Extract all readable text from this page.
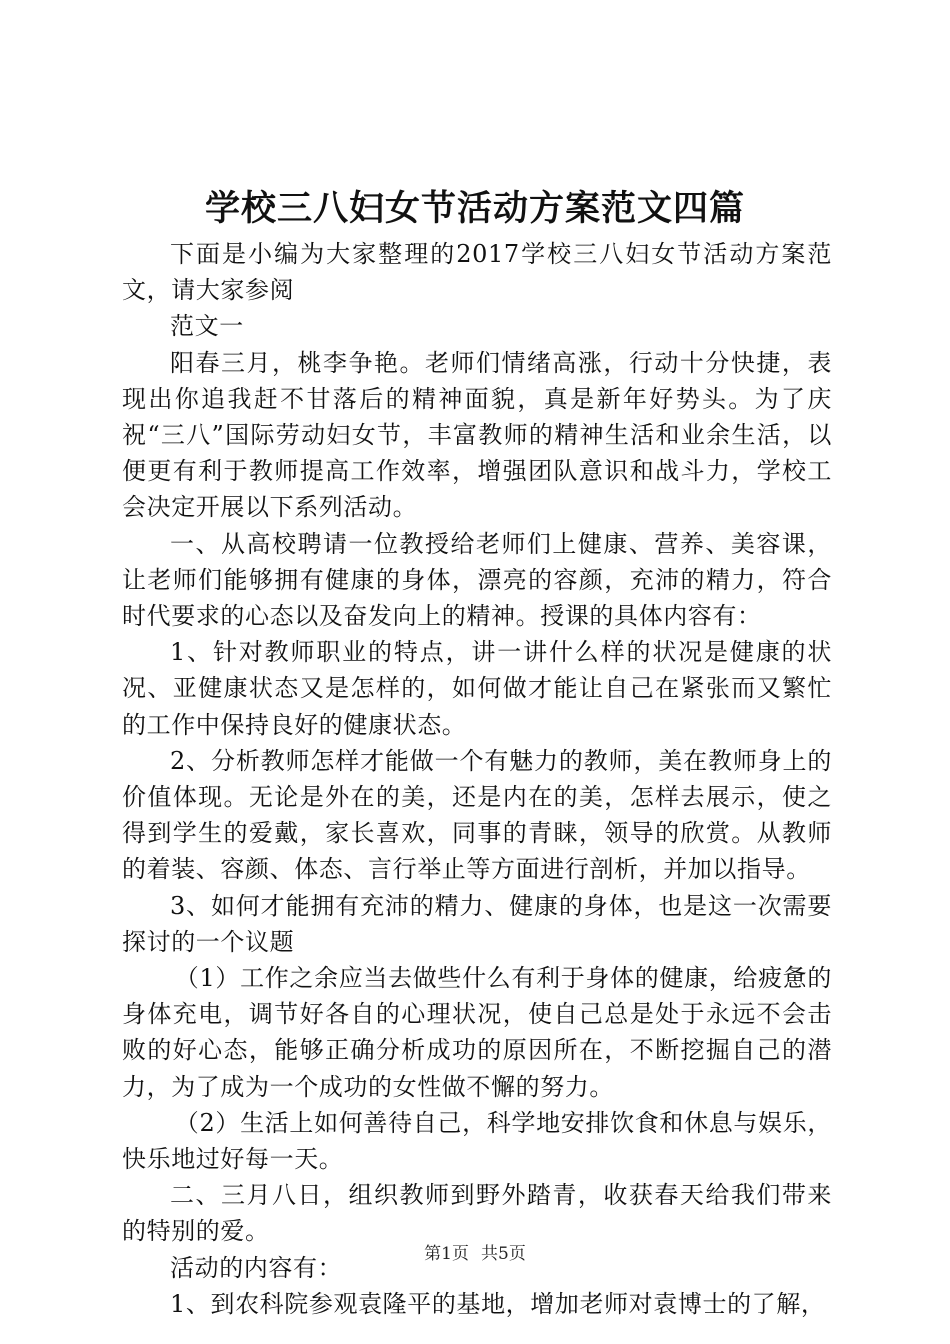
学校三八妇女节活动方案范文四篇

下面是小编为大家整理的2017学校三八妇女节活动方案范文，请大家参阅

范文一

阳春三月，桃李争艳。老师们情绪高涨，行动十分快捷，表现出你追我赶不甘落后的精神面貌，真是新年好势头。为了庆祝“三八”国际劳动妇女节，丰富教师的精神生活和业余生活，以便更有利于教师提高工作效率，增强团队意识和战斗力，学校工会决定开展以下系列活动。

一、从高校聘请一位教授给老师们上健康、营养、美容课，让老师们能够拥有健康的身体，漂亮的容颜，充沛的精力，符合时代要求的心态以及奋发向上的精神。授课的具体内容有：

1、针对教师职业的特点，讲一讲什么样的状况是健康的状况、亚健康状态又是怎样的，如何做才能让自己在紧张而又繁忙的工作中保持良好的健康状态。

2、分析教师怎样才能做一个有魅力的教师，美在教师身上的价值体现。无论是外在的美，还是内在的美，怎样去展示，使之得到学生的爱戴，家长喜欢，同事的青睐，领导的欣赏。从教师的着装、容颜、体态、言行举止等方面进行剖析，并加以指导。

3、如何才能拥有充沛的精力、健康的身体，也是这一次需要探讨的一个议题

（1）工作之余应当去做些什么有利于身体的健康，给疲惫的身体充电，调节好各自的心理状况，使自己总是处于永远不会击败的好心态，能够正确分析成功的原因所在，不断挖掘自己的潜力，为了成为一个成功的女性做不懈的努力。

（2）生活上如何善待自己，科学地安排饮食和休息与娱乐，快乐地过好每一天。

二、三月八日，组织教师到野外踏青，收获春天给我们带来的特别的爱。

活动的内容有：

1、到农科院参观袁隆平的基地，增加老师对袁博士的了解，

第1页 共5页
